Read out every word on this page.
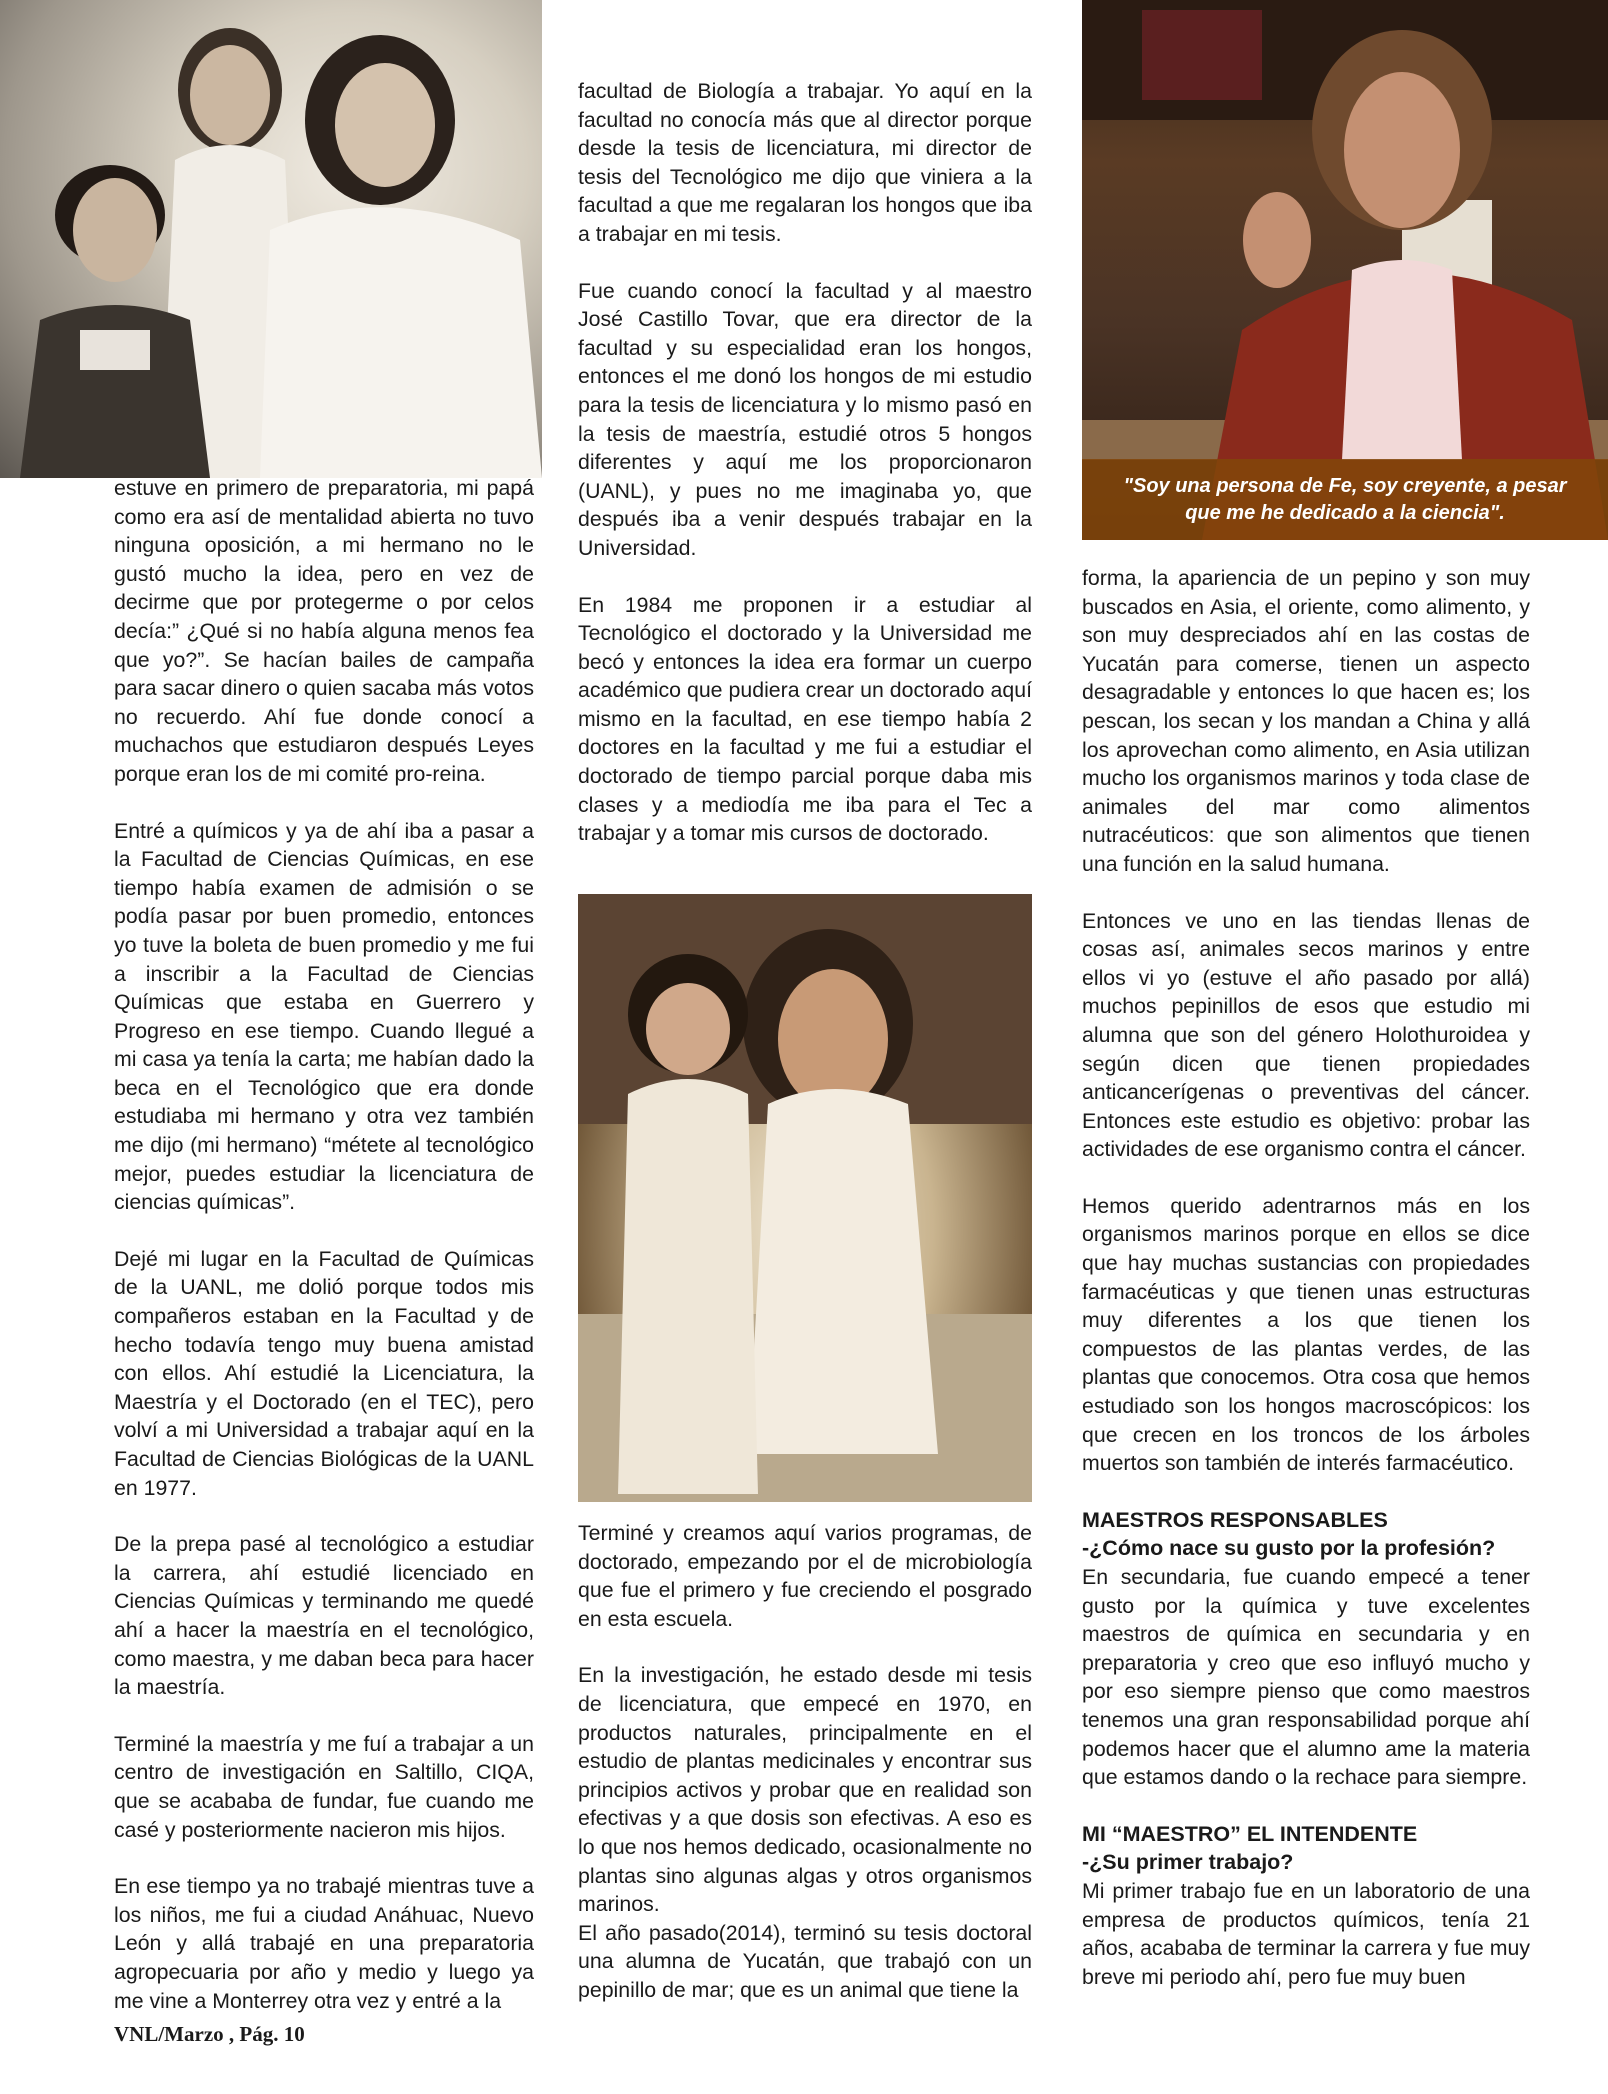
"Soy una persona de Fe, soy creyente, a pesar que me he dedicado a la ciencia".

estuve en primero de preparatoria, mi papá como era así de mentalidad abierta no tuvo ninguna oposición, a mi hermano no le gustó mucho la idea, pero en vez de decirme que por protegerme o por celos decía:” ¿Qué si no había alguna menos fea que yo?”. Se hacían bailes de campaña para sacar dinero o quien sacaba más votos no recuerdo. Ahí fue donde conocí a muchachos que estudiaron después Leyes porque eran los de mi comité pro-reina.

Entré a químicos y ya de ahí iba a pasar a la Facultad de Ciencias Químicas, en ese tiempo había examen de admisión o se podía pasar por buen promedio, entonces yo tuve la boleta de buen promedio y me fui a inscribir a la Facultad de Ciencias Químicas que estaba en Guerrero y Progreso en ese tiempo. Cuando llegué a mi casa ya tenía la carta; me habían dado la beca en el Tecnológico que era donde estudiaba mi hermano y otra vez también me dijo (mi hermano) “métete al tecnológico mejor, puedes estudiar la licenciatura de ciencias químicas”.

Dejé mi lugar en la Facultad de Químicas de la UANL, me dolió porque todos mis compañeros estaban en la Facultad y de hecho todavía tengo muy buena amistad con ellos. Ahí estudié la Licenciatura, la Maestría y el Doctorado (en el TEC), pero volví a mi Universidad a trabajar aquí en la Facultad de Ciencias Biológicas de la UANL en 1977.

De la prepa pasé al tecnológico a estudiar la carrera, ahí estudié licenciado en Ciencias Químicas y terminando me quedé ahí a hacer la maestría en el tecnológico, como maestra, y me daban beca para hacer la maestría.

Terminé la maestría y me fuí a trabajar a un centro de investigación en Saltillo, CIQA, que se acababa de fundar, fue cuando me casé y posteriormente nacieron mis hijos.

En ese tiempo ya no trabajé mientras tuve a los niños, me fui a ciudad Anáhuac, Nuevo León y allá trabajé en una preparatoria agropecuaria por año y medio y luego ya me vine a Monterrey otra vez y entré a la

facultad de Biología a trabajar. Yo aquí en la facultad no conocía más que al director porque desde la tesis de licenciatura, mi director de tesis del Tecnológico me dijo que viniera a la facultad a que me regalaran los hongos que iba a trabajar en mi tesis.

Fue cuando conocí la facultad y al maestro José Castillo Tovar, que era director de la facultad y su especialidad eran los hongos, entonces el me donó los hongos de mi estudio para la tesis de licenciatura y lo mismo pasó en la tesis de maestría, estudié otros 5 hongos diferentes y aquí me los proporcionaron (UANL), y pues no me imaginaba yo, que después iba a venir después trabajar en la Universidad.

En 1984 me proponen ir a estudiar al Tecnológico el doctorado y la Universidad me becó y entonces la idea era formar un cuerpo académico que pudiera crear un doctorado aquí mismo en la facultad, en ese tiempo había 2 doctores en la facultad y me fui a estudiar el doctorado de tiempo parcial porque daba mis clases y a mediodía me iba para el Tec a trabajar y a tomar mis cursos de doctorado.

Terminé y creamos aquí varios programas, de doctorado, empezando por el de microbiología que fue el primero y fue creciendo el posgrado en esta escuela.

En la investigación, he estado desde mi tesis de licenciatura, que empecé en 1970, en productos naturales, principalmente en el estudio de plantas medicinales y encontrar sus principios activos y probar que en realidad son efectivas y a que dosis son efectivas. A eso es lo que nos hemos dedicado, ocasionalmente no plantas sino algunas algas y otros organismos marinos.

El año pasado(2014), terminó su tesis doctoral una alumna de Yucatán, que trabajó con un pepinillo de mar; que es un animal que tiene la

forma, la apariencia de un pepino y son muy buscados en Asia, el oriente, como alimento, y son muy despreciados ahí en las costas de Yucatán para comerse, tienen un aspecto desagradable y entonces lo que hacen es; los pescan, los secan y los mandan a China y allá los aprovechan como alimento, en Asia utilizan mucho los organismos marinos y toda clase de animales del mar como alimentos nutracéuticos: que son alimentos que tienen una función en la salud humana.

Entonces ve uno en las tiendas llenas de cosas así, animales secos marinos y entre ellos vi yo (estuve el año pasado por allá) muchos pepinillos de esos que estudio mi alumna que son del género Holothuroidea y según dicen que tienen propiedades anticancerígenas o preventivas del cáncer. Entonces este estudio es objetivo: probar las actividades de ese organismo contra el cáncer.

Hemos querido adentrarnos más en los organismos marinos porque en ellos se dice que hay muchas sustancias con propiedades farmacéuticas y que tienen unas estructuras muy diferentes a los que tienen los compuestos de las plantas verdes, de las plantas que conocemos. Otra cosa que hemos estudiado son los hongos macroscópicos: los que crecen en los troncos de los árboles muertos son también de interés farmacéutico.

MAESTROS RESPONSABLES
-¿Cómo nace su gusto por la profesión?

En secundaria, fue cuando empecé a tener gusto por la química y tuve excelentes maestros de química en secundaria y en preparatoria y creo que eso influyó mucho y por eso siempre pienso que como maestros tenemos una gran responsabilidad porque ahí podemos hacer que el alumno ame la materia que estamos dando o la rechace para siempre.

MI “MAESTRO” EL INTENDENTE
-¿Su primer trabajo?

Mi primer trabajo fue en un laboratorio de una empresa de productos químicos, tenía 21 años, acababa de terminar la carrera y fue muy breve mi periodo ahí, pero fue muy buen

VNL/Marzo , Pág. 10
